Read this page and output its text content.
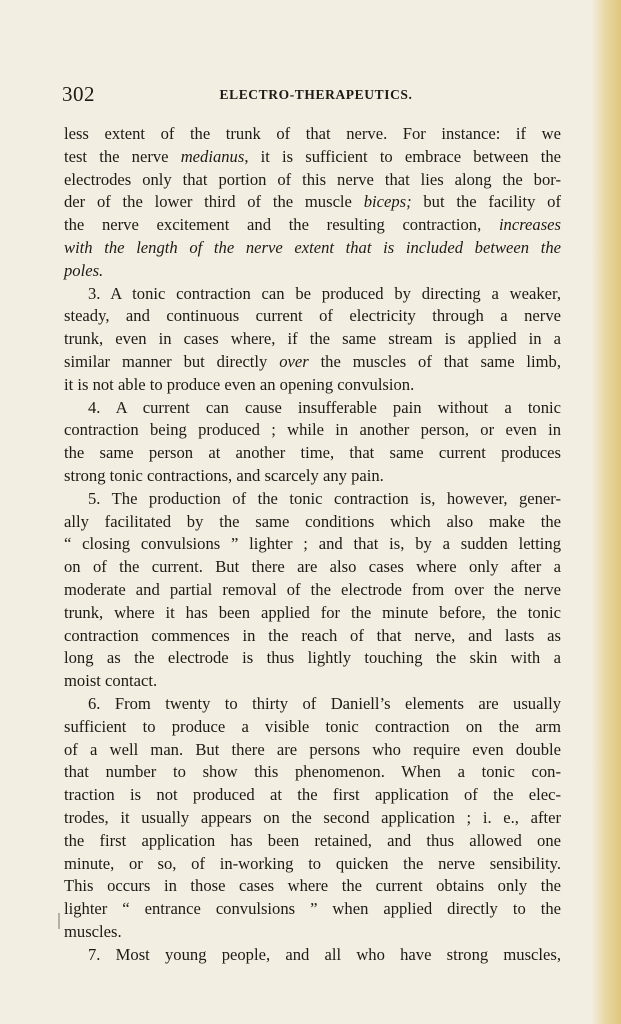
302	ELECTRO-THERAPEUTICS.
less extent of the trunk of that nerve. For instance: if we
test the nerve medianus, it is sufficient to embrace between the
electrodes only that portion of this nerve that lies along the bor-
der of the lower third of the muscle biceps; but the facility of
the nerve excitement and the resulting contraction, increases
with the length of the nerve extent that is included between the
poles.
3. A tonic contraction can be produced by directing a weaker,
steady, and continuous current of electricity through a nerve
trunk, even in cases where, if the same stream is applied in a
similar manner but directly over the muscles of that same limb,
it is not able to produce even an opening convulsion.
4. A current can cause insufferable pain without a tonic
contraction being produced ; while in another person, or even in
the same person at another time, that same current produces
strong tonic contractions, and scarcely any pain.
5. The production of the tonic contraction is, however, gener-
ally facilitated by the same conditions which also make the
“ closing convulsions ” lighter ; and that is, by a sudden letting
on of the current. But there are also cases where only after a
moderate and partial removal of the electrode from over the nerve
trunk, where it has been applied for the minute before, the tonic
contraction commences in the reach of that nerve, and lasts as
long as the electrode is thus lightly touching the skin with a
moist contact.
6. From twenty to thirty of Daniell’s elements are usually
sufficient to produce a visible tonic contraction on the arm
of a well man. But there are persons who require even double
that number to show this phenomenon. When a tonic con-
traction is not produced at the first application of the elec-
trodes, it usually appears on the second application ; i. e., after
the first application has been retained, and thus allowed one
minute, or so, of in-working to quicken the nerve sensibility.
This occurs in those cases where the current obtains only the
lighter “ entrance convulsions ” when applied directly to the
muscles.
7. Most young people, and all who have strong muscles,
